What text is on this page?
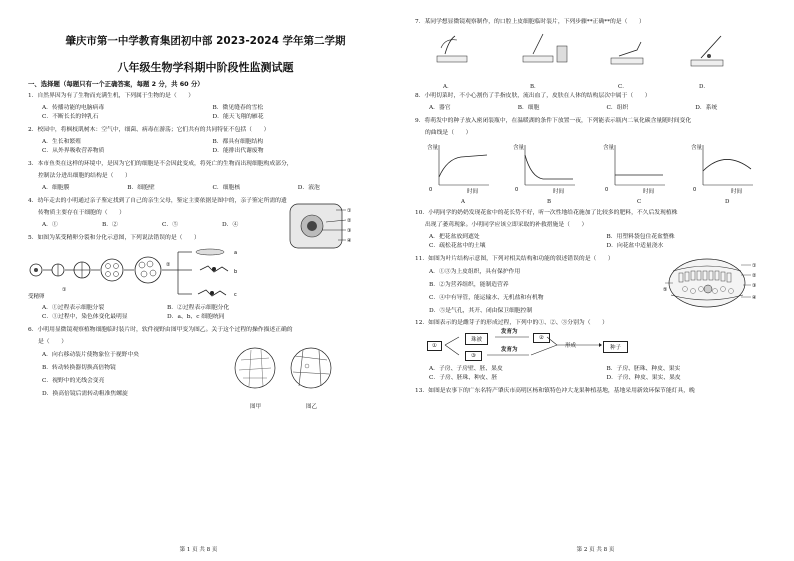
肇庆市第一中学教育集团初中部 2023-2024 学年第二学期
八年级生物学科期中阶段性监测试题
一、选择题（每题只有一个正确答案，每题 2 分，共 60 分）
1．自然界因为有了生物而充满生机，下列属于生物的是（　　）
A．传播功能的电脑病毒	B．微见缝春的雪松
C．不断长长的钟乳石	D．能天飞翔的雁花
2．校园中，将枫枝肌树木：空气中，细菌、病毒在游荡；它们共有的共同特征不包括（　　）
A．生长和繁殖	B．都具有细胞结构
C．从外界吸收营养物质	D．能排出代谢废物
3．本市鱼类在这样的环境中，是因为它们的细胞是不会因此变成，将死亡的生物而出现细胞构成部分，
控制法分进出细胞的结构是（　　）
A．细胞膜	B．细胞壁	C．细胞核	D．液泡
4．幼年走去的小明通过亲子鉴定找到了自己的亲生父母，鉴定主要依据是图中的，亲子鉴定所需的遗
传物质主要存在于细胞的（　　）
A．①	B．②	C．⑤	D．④
5．如图为某受精卵分裂和分化示意图，下列说法错误的是（　　）
a
b
c
①
②
受精卵
①
②
③
④
A．①过程表示细胞分裂	B．②过程表示细胞分化
C．①过程中，染色体变化最明显	D．a、b、c 细胞统同
6．小明用显微镜观察植物细胞临时装片时，软件视野由图甲变为图乙。关于这个过程的操作描述正确的
是（　　）
A．向右移动装片使物象位于视野中央
B．转动转换器切换高倍物镜
C．视野中的光线会变亮
D．换高倍镜后需转动粗准焦螺旋
图甲	图乙
第 1 页 共 8 页
7．某同学想显微镜观察制作，的口腔上皮细胞临时装片，下列步骤**正确**的是（　　）
A．	B．	C．	D．
8．小明切菜时，不小心割伤了手指皮肤，流出血了，皮肤在人体的结构层次中属于（　　）
A．器官	B．细胞	C．组织	D．系统
9．将萌发中的种子放入密闭装瓶中，在温暖湖的条件下放置一夜，下列能表示瓶内二氧化碳含量随时间变化
的曲线是（　　）
0	0	0	0
含量	含量	含量	含量
时间	时间	时间	时间
A	B	C	D
10．小明同学的奶奶发现花盆中的花长势不好，听一次性地给花施加了比较多的肥料，不久后发现植株
出现了萎蔫现象。小明同学应该立即采取的补救措施是（　　）
A．把花盆放到遮处	B．用塑料袋包住花盆整株
C．疏松花盆中的土壤	D．向花盆中适量浇水
11．如图为叶片结构示意图，下列对相关结构和功能的叙述错误的是（　　）
A．①③为上皮组织，具有保护作用
B．②为营养组织，能制造营养
C．④中有导管，能运输水、无机盐和有机物
D．⑤是气孔，其开、闭由保卫细胞控制
①
②
③
④
⑤
12．如图表示的是雌芽子的形成过程，下列中的①、②、③分别为（　　）
①
珠被
发育为
②
③
发育为
形成	种子
A．子房、子房壁、胚、果皮	B．子房、胚珠、种皮、果实
C．子房、胚珠、种皮、胚	D．子房、种皮、果实、果皮
13．如图是农事下的广东名特产肇庆市高明区杨和镇特色冲大龙果种植基地，基地采用新效环保节能灯具，晚
第 2 页 共 8 页
